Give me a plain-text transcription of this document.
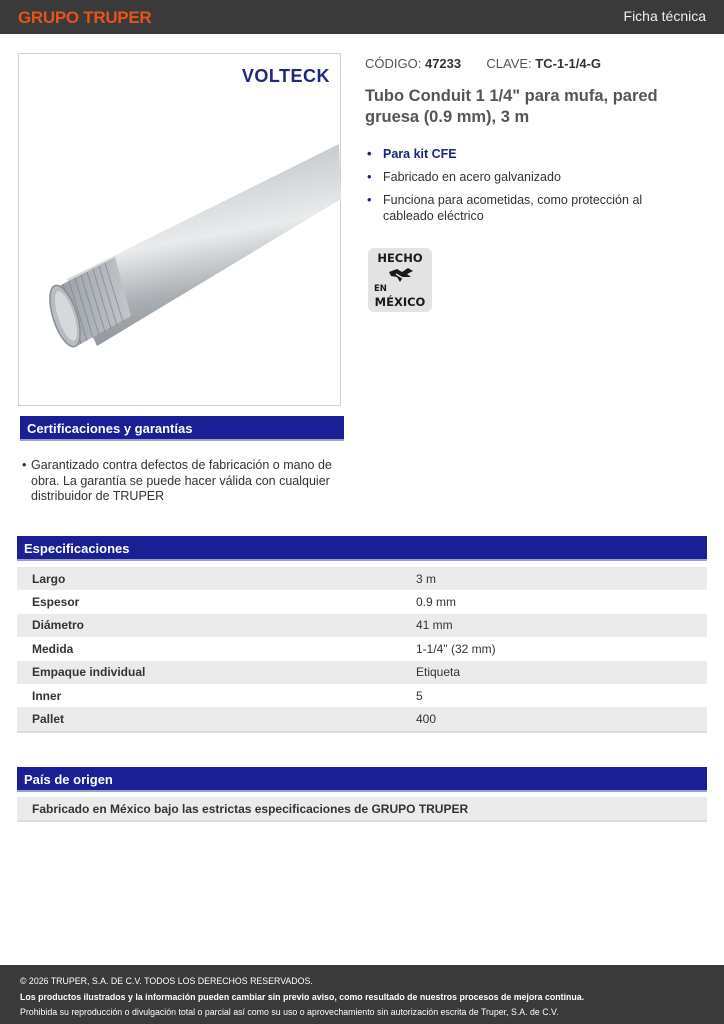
GRUPO TRUPER	Ficha técnica
VOLTECK
CÓDIGO: 47233 CLAVE: TC-1-1/4-G
Tubo Conduit 1 1/4" para mufa, pared gruesa (0.9 mm), 3 m
• Para kit CFE
• Fabricado en acero galvanizado
• Funciona para acometidas, como protección al cableado eléctrico
HECHO
EN
MÉXICO
Certificaciones y garantías
• Garantizado contra defectos de fabricación o mano de obra. La garantía se puede hacer válida con cualquier distribuidor de TRUPER

Especificaciones
Largo	3 m
Espesor	0.9 mm
Diámetro	41 mm
Medida	1-1/4" (32 mm)
Empaque individual	Etiqueta
Inner	5
Pallet	400
País de origen
Fabricado en México bajo las estrictas especificaciones de GRUPO TRUPER
© 2026 TRUPER, S.A. DE C.V. TODOS LOS DERECHOS RESERVADOS.
Los productos ilustrados y la información pueden cambiar sin previo aviso, como resultado de nuestros procesos de mejora continua.
Prohibida su reproducción o divulgación total o parcial así como su uso o aprovechamiento sin autorización escrita de Truper, S.A. de C.V.
